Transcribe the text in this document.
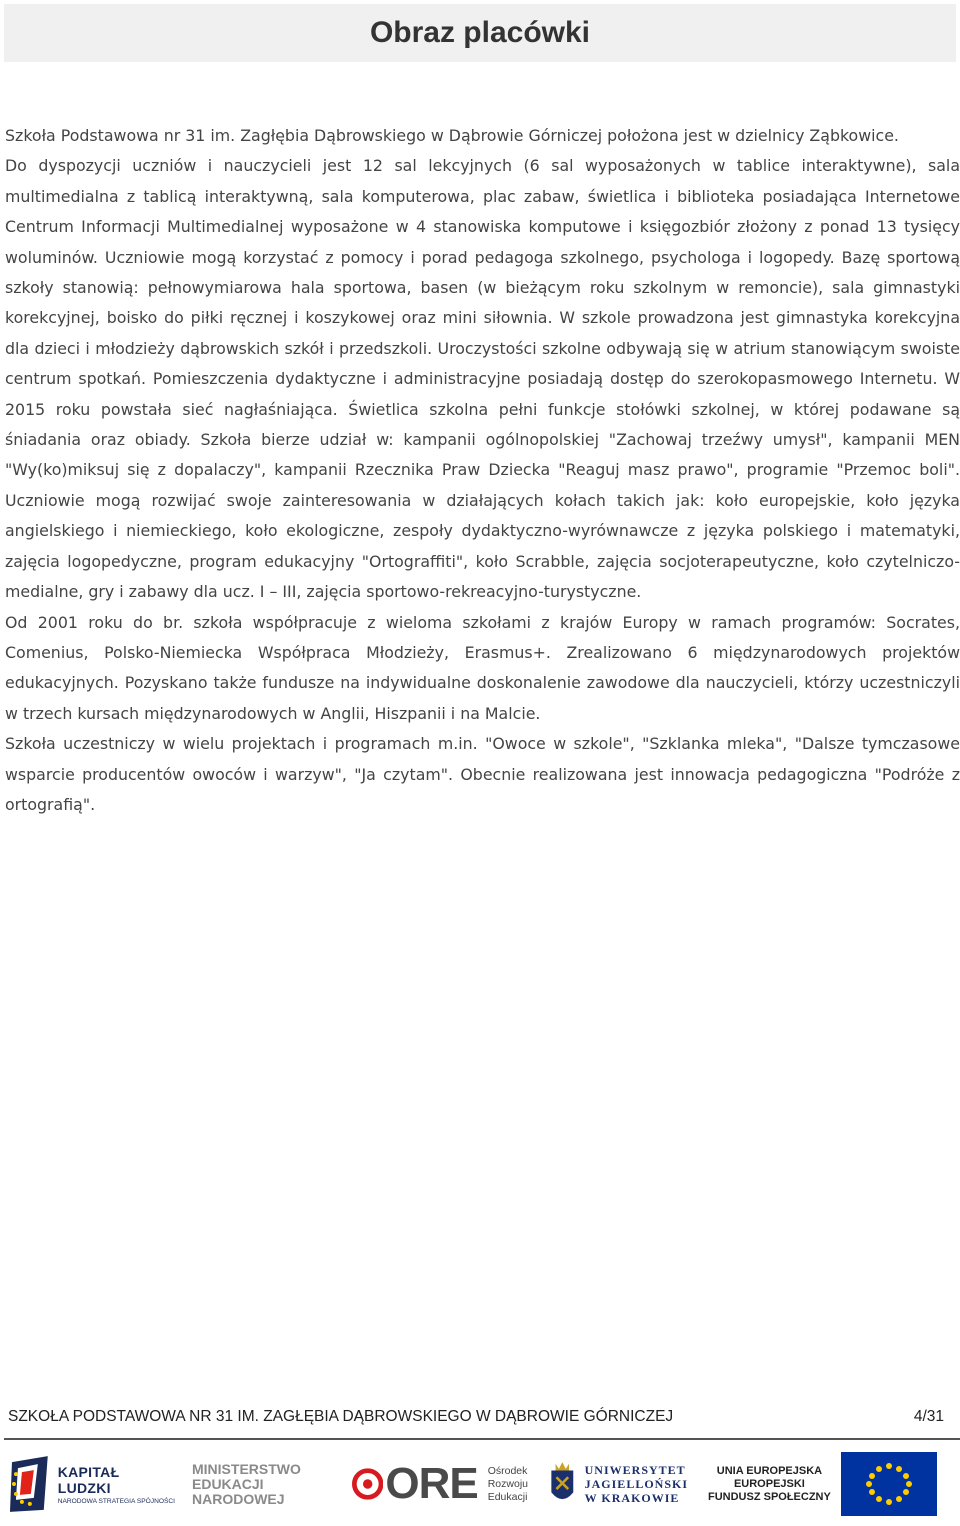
Obraz placówki

Szkoła Podstawowa nr 31 im. Zagłębia Dąbrowskiego w Dąbrowie Górniczej położona jest w dzielnicy Ząbkowice.

Do dyspozycji uczniów i nauczycieli jest 12 sal lekcyjnych (6 sal wyposażonych w tablice interaktywne), sala multimedialna z tablicą interaktywną, sala komputerowa, plac zabaw, świetlica i biblioteka posiadająca Internetowe Centrum Informacji Multimedialnej wyposażone w 4 stanowiska komputowe i księgozbiór złożony z ponad 13 tysięcy woluminów. Uczniowie mogą korzystać z pomocy i porad pedagoga szkolnego, psychologa i logopedy. Bazę sportową szkoły stanowią: pełnowymiarowa hala sportowa, basen (w bieżącym roku szkolnym w remoncie), sala gimnastyki korekcyjnej, boisko do piłki ręcznej i koszykowej oraz mini siłownia. W szkole prowadzona jest gimnastyka korekcyjna dla dzieci i młodzieży dąbrowskich szkół i przedszkoli. Uroczystości szkolne odbywają się w atrium stanowiącym swoiste centrum spotkań. Pomieszczenia dydaktyczne i administracyjne posiadają dostęp do szerokopasmowego Internetu. W 2015 roku powstała sieć nagłaśniająca. Świetlica szkolna pełni funkcje stołówki szkolnej, w której podawane są śniadania oraz obiady. Szkoła bierze udział w: kampanii ogólnopolskiej "Zachowaj trzeźwy umysł", kampanii MEN "Wy(ko)miksuj się z dopalaczy", kampanii Rzecznika Praw Dziecka "Reaguj masz prawo", programie "Przemoc boli". Uczniowie mogą rozwijać swoje zainteresowania w działających kołach takich jak: koło europejskie, koło języka angielskiego i niemieckiego, koło ekologiczne, zespoły dydaktyczno-wyrównawcze z języka polskiego i matematyki, zajęcia logopedyczne, program edukacyjny "Ortograffiti", koło Scrabble, zajęcia socjoterapeutyczne, koło czytelniczo-medialne, gry i zabawy dla ucz. I – III, zajęcia sportowo-rekreacyjno-turystyczne.

Od 2001 roku do br. szkoła współpracuje z wieloma szkołami z krajów Europy w ramach programów: Socrates, Comenius, Polsko-Niemiecka Współpraca Młodzieży, Erasmus+. Zrealizowano 6 międzynarodowych projektów edukacyjnych. Pozyskano także fundusze na indywidualne doskonalenie zawodowe dla nauczycieli, którzy uczestniczyli w trzech kursach międzynarodowych w Anglii, Hiszpanii i na Malcie.

Szkoła uczestniczy w wielu projektach i programach m.in. "Owoce w szkole", "Szklanka mleka", "Dalsze tymczasowe wsparcie producentów owoców i warzyw", "Ja czytam". Obecnie realizowana jest innowacja pedagogiczna "Podróże z ortografią".

SZKOŁA PODSTAWOWA NR 31 IM. ZAGŁĘBIA DĄBROWSKIEGO W DĄBROWIE GÓRNICZEJ	4/31
KAPITAŁ LUDZKI
NARODOWA STRATEGIA SPÓJNOŚCI
MINISTERSTWO
EDUKACJI
NARODOWEJ	ORE Ośrodek
Rozwoju
Edukacji
UNIWERSYTET
JAGIELLOŃSKI
W KRAKOWIE
UNIA EUROPEJSKA
EUROPEJSKI
FUNDUSZ SPOŁECZNY
